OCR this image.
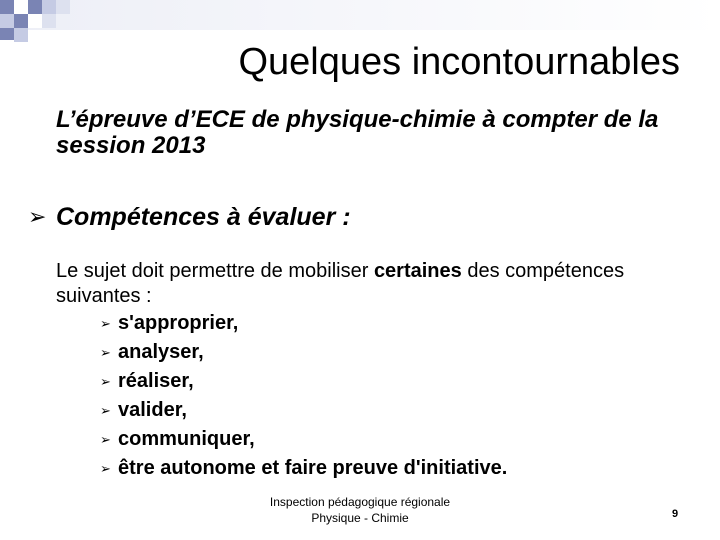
Quelques incontournables
L’épreuve d’ECE de physique-chimie à compter de la session 2013
➢ Compétences à évaluer :
Le sujet doit permettre de mobiliser certaines des compétences suivantes :
➢ s'approprier,
➢ analyser,
➢ réaliser,
➢ valider,
➢ communiquer,
➢ être autonome et faire preuve d'initiative.
Inspection pédagogique régionale
Physique - Chimie	9
